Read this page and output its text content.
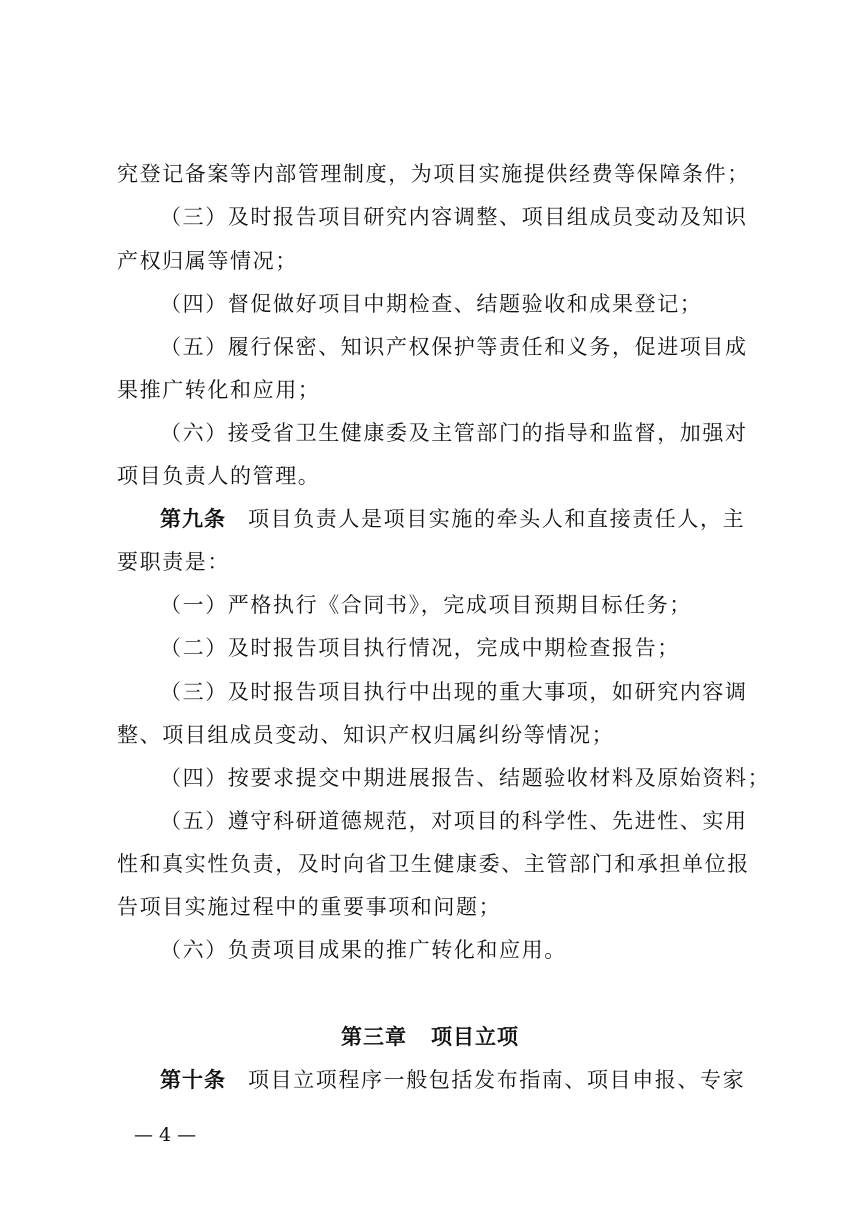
究登记备案等内部管理制度，为项目实施提供经费等保障条件；
（三）及时报告项目研究内容调整、项目组成员变动及知识
产权归属等情况；
（四）督促做好项目中期检查、结题验收和成果登记；
（五）履行保密、知识产权保护等责任和义务，促进项目成
果推广转化和应用；
（六）接受省卫生健康委及主管部门的指导和监督，加强对
项目负责人的管理。
第九条 项目负责人是项目实施的牵头人和直接责任人，主
要职责是：
（一）严格执行《合同书》，完成项目预期目标任务；
（二）及时报告项目执行情况，完成中期检查报告；
（三）及时报告项目执行中出现的重大事项，如研究内容调
整、项目组成员变动、知识产权归属纠纷等情况；
（四）按要求提交中期进展报告、结题验收材料及原始资料；
（五）遵守科研道德规范，对项目的科学性、先进性、实用
性和真实性负责，及时向省卫生健康委、主管部门和承担单位报
告项目实施过程中的重要事项和问题；
（六）负责项目成果的推广转化和应用。
第三章 项目立项
第十条 项目立项程序一般包括发布指南、项目申报、专家
— 4 —
